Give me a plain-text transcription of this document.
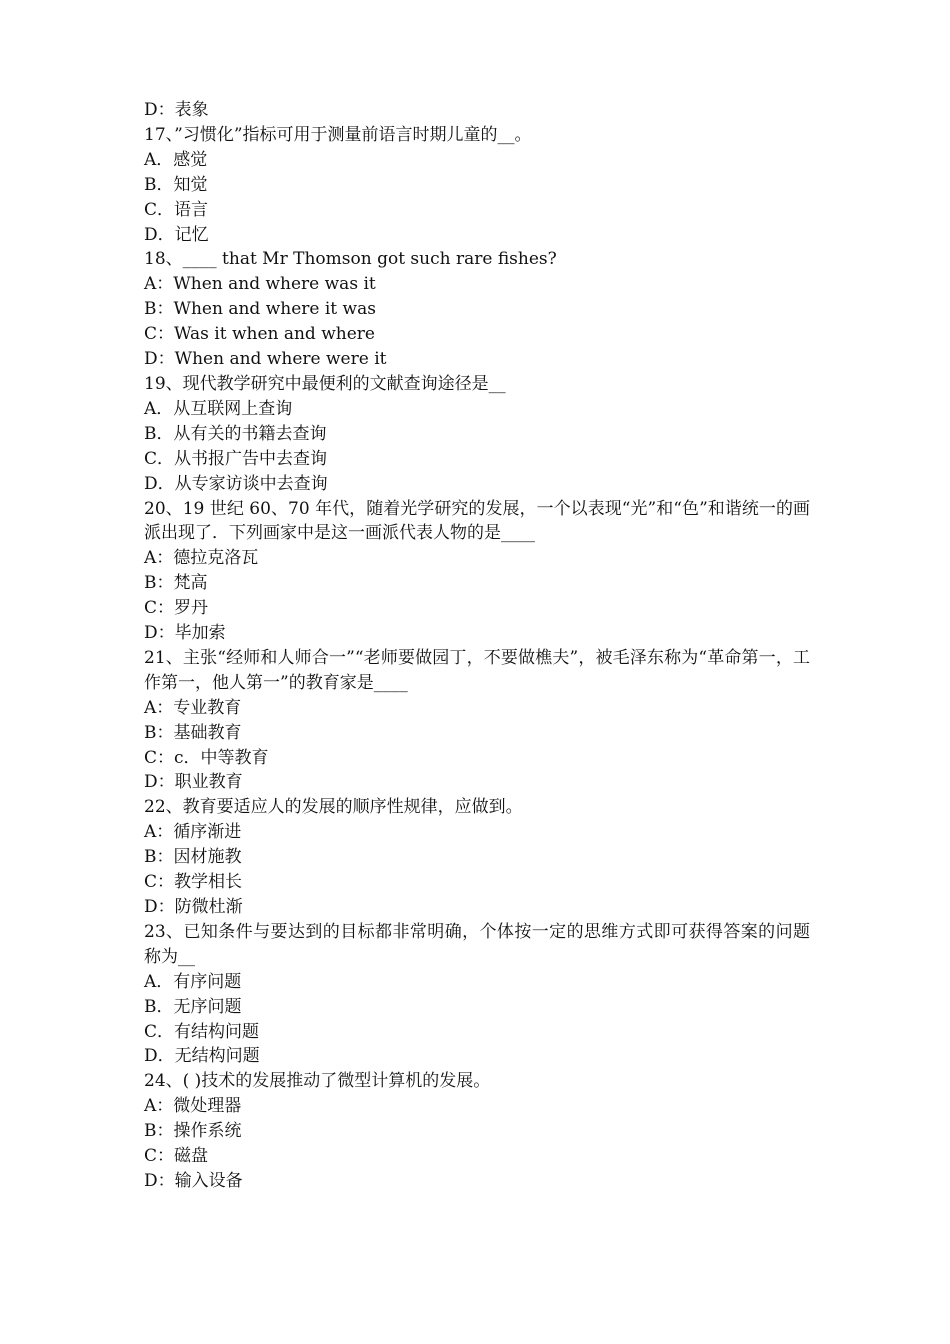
D：表象

17、”习惯化”指标可用于测量前语言时期儿童的__。

A．感觉

B．知觉

C．语言

D．记忆

18、____ that Mr Thomson got such rare fishes?

A：When and where was it

B：When and where it was

C：Was it when and where

D：When and where were it

19、现代教学研究中最便利的文献查询途径是__

A．从互联网上查询

B．从有关的书籍去查询

C．从书报广告中去查询

D．从专家访谈中去查询

20、19 世纪 60、70 年代，随着光学研究的发展，一个以表现“光”和“色”和谐统一的画派出现了．下列画家中是这一画派代表人物的是____

A：德拉克洛瓦

B：梵高

C：罗丹

D：毕加索

21、主张“经师和人师合一”“老师要做园丁，不要做樵夫”，被毛泽东称为“革命第一，工作第一，他人第一”的教育家是____

A：专业教育

B：基础教育

C：c．中等教育

D：职业教育

22、教育要适应人的发展的顺序性规律，应做到。

A：循序渐进

B：因材施教

C：教学相长

D：防微杜渐

23、已知条件与要达到的目标都非常明确，个体按一定的思维方式即可获得答案的问题称为__

A．有序问题

B．无序问题

C．有结构问题

D．无结构问题

24、( )技术的发展推动了微型计算机的发展。

A：微处理器

B：操作系统

C：磁盘

D：输入设备
